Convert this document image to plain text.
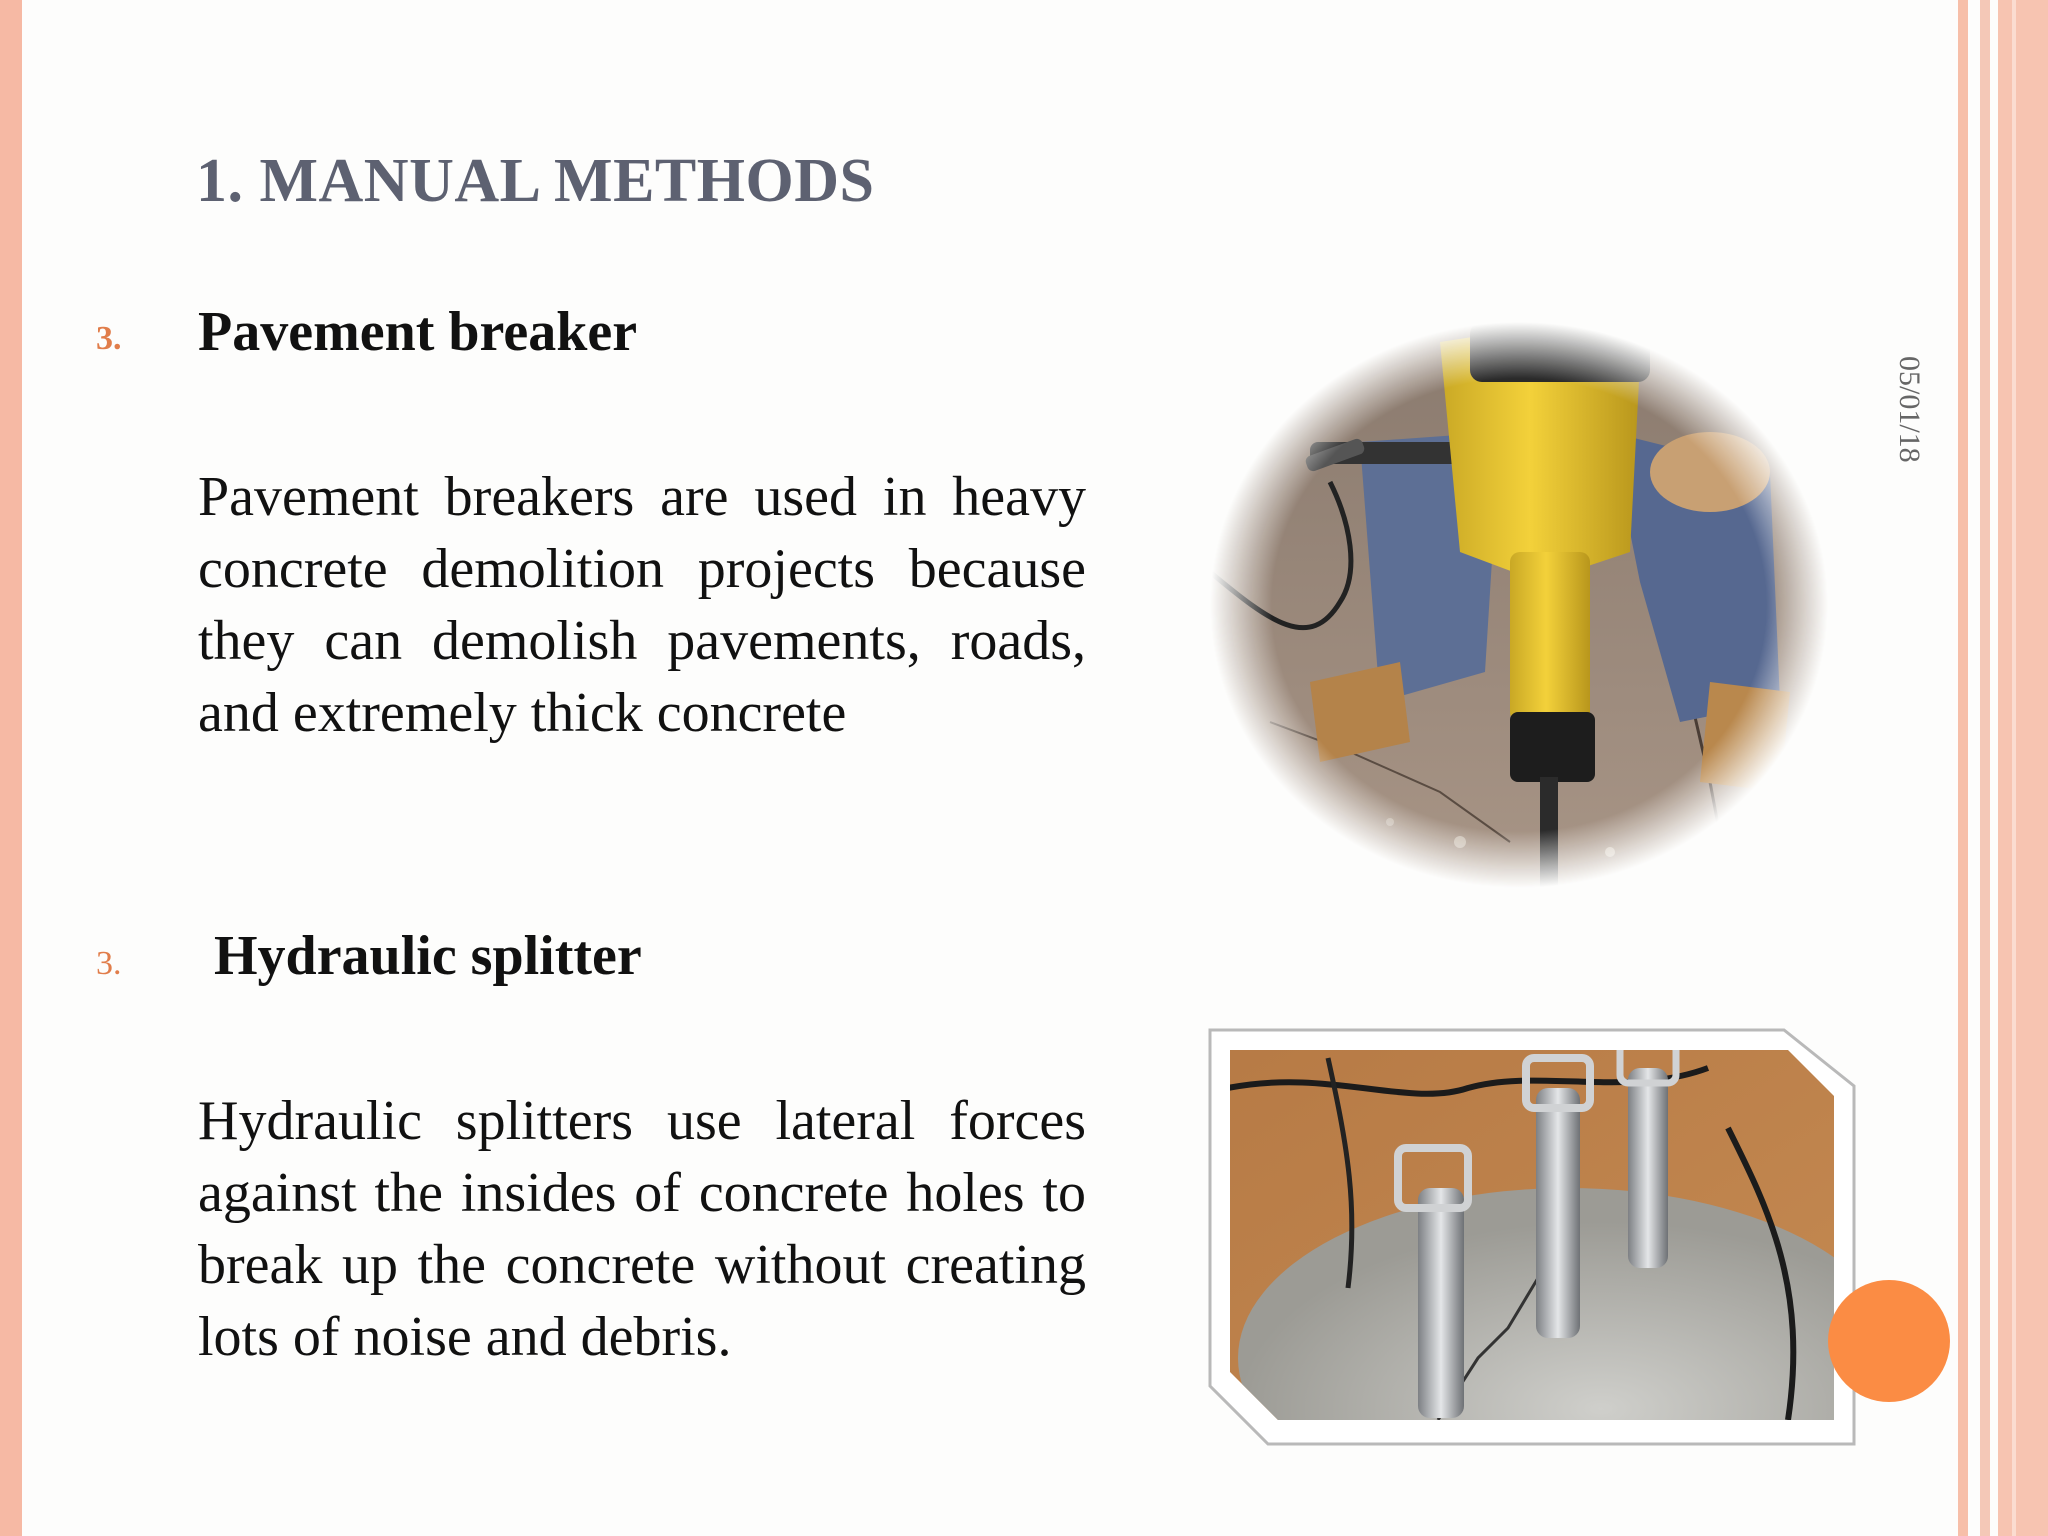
1. MANUAL METHODS
3. Pavement breaker

Pavement breakers are used in heavy concrete demolition projects because they can demolish pavements, roads, and extremely thick concrete

3. Hydraulic splitter

Hydraulic splitters use lateral forces against the insides of concrete holes to break up the concrete without creating lots of noise and debris.

05/01/18
